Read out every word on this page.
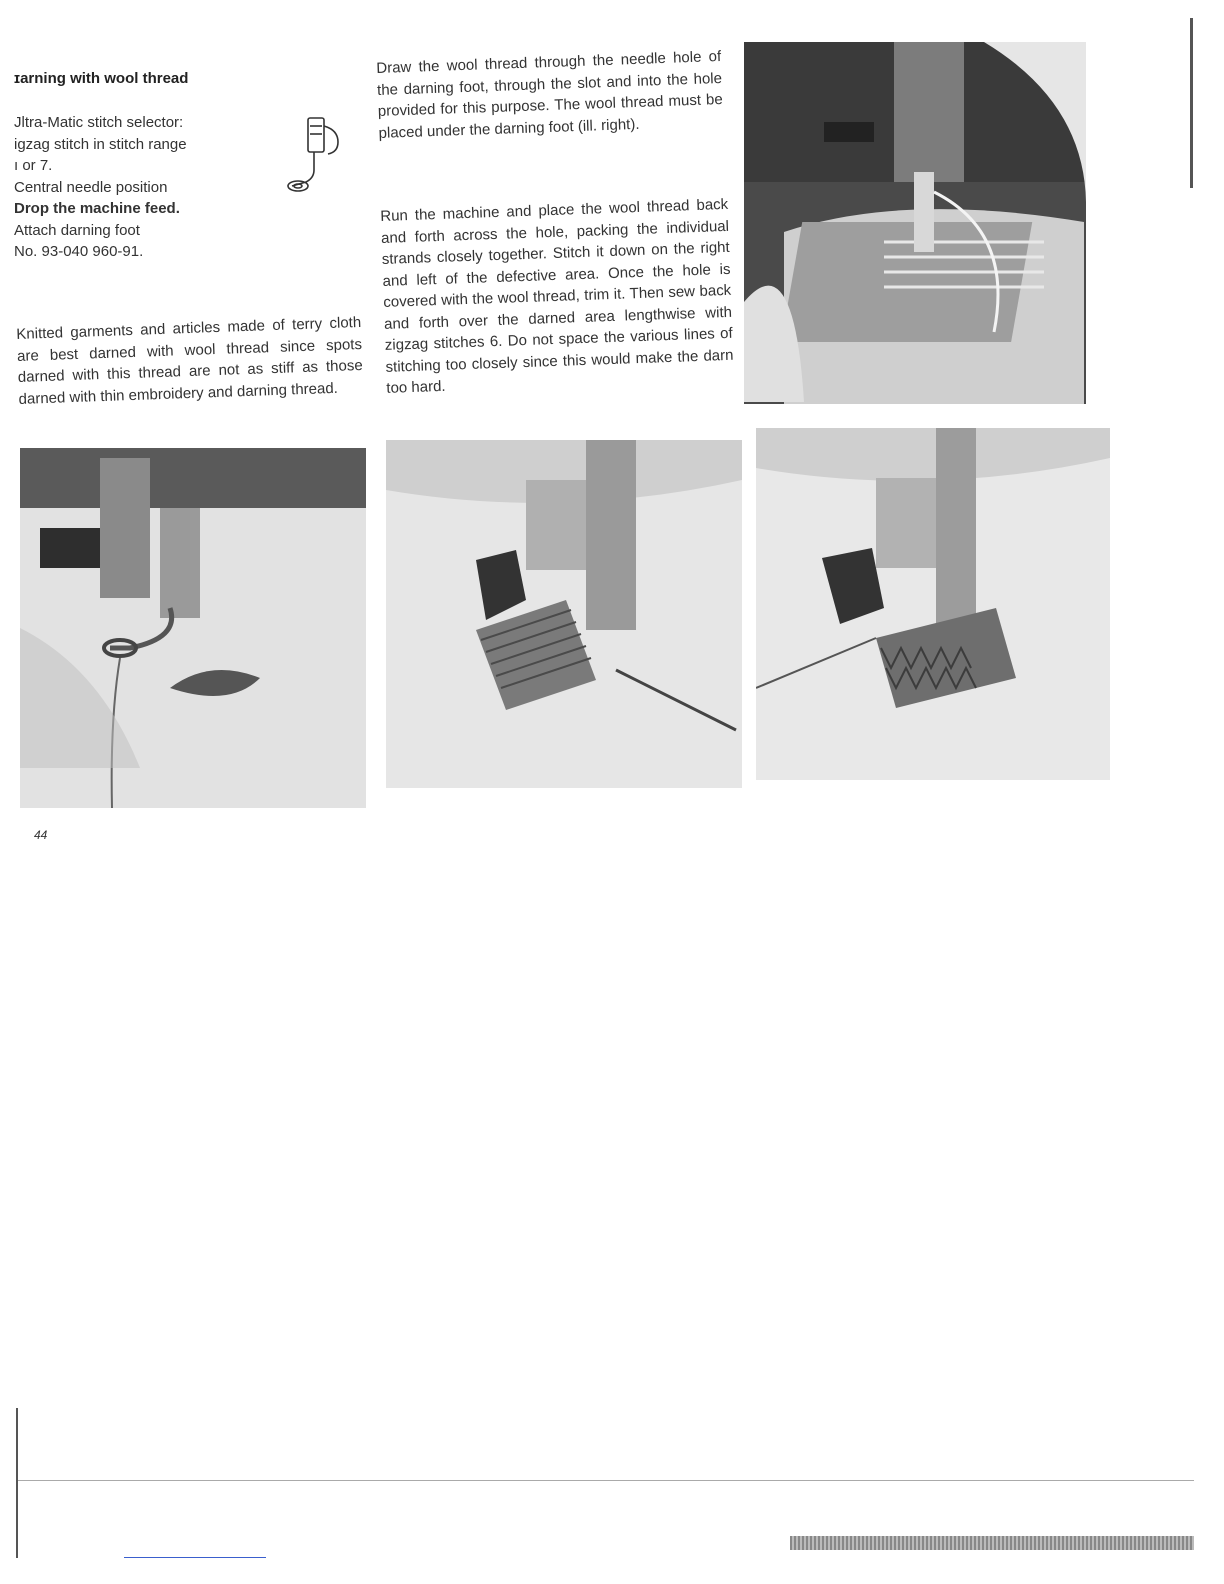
ɪarning with wool thread
Jltra-Matic stitch selector:
igzag stitch in stitch range
ı or 7.
Central needle position
Drop the machine feed.
Attach darning foot
No. 93-040 960-91.
Knitted garments and articles made of terry cloth are best darned with wool thread since spots darned with this thread are not as stiff as those darned with thin embroidery and darning thread.
Draw the wool thread through the needle hole of the darning foot, through the slot and into the hole provided for this purpose. The wool thread must be placed under the darning foot (ill. right).
Run the machine and place the wool thread back and forth across the hole, packing the individual strands closely together. Stitch it down on the right and left of the defective area. Once the hole is covered with the wool thread, trim it. Then sew back and forth over the darned area lengthwise with zigzag stitches 6. Do not space the various lines of stitching too closely since this would make the darn too hard.
44
